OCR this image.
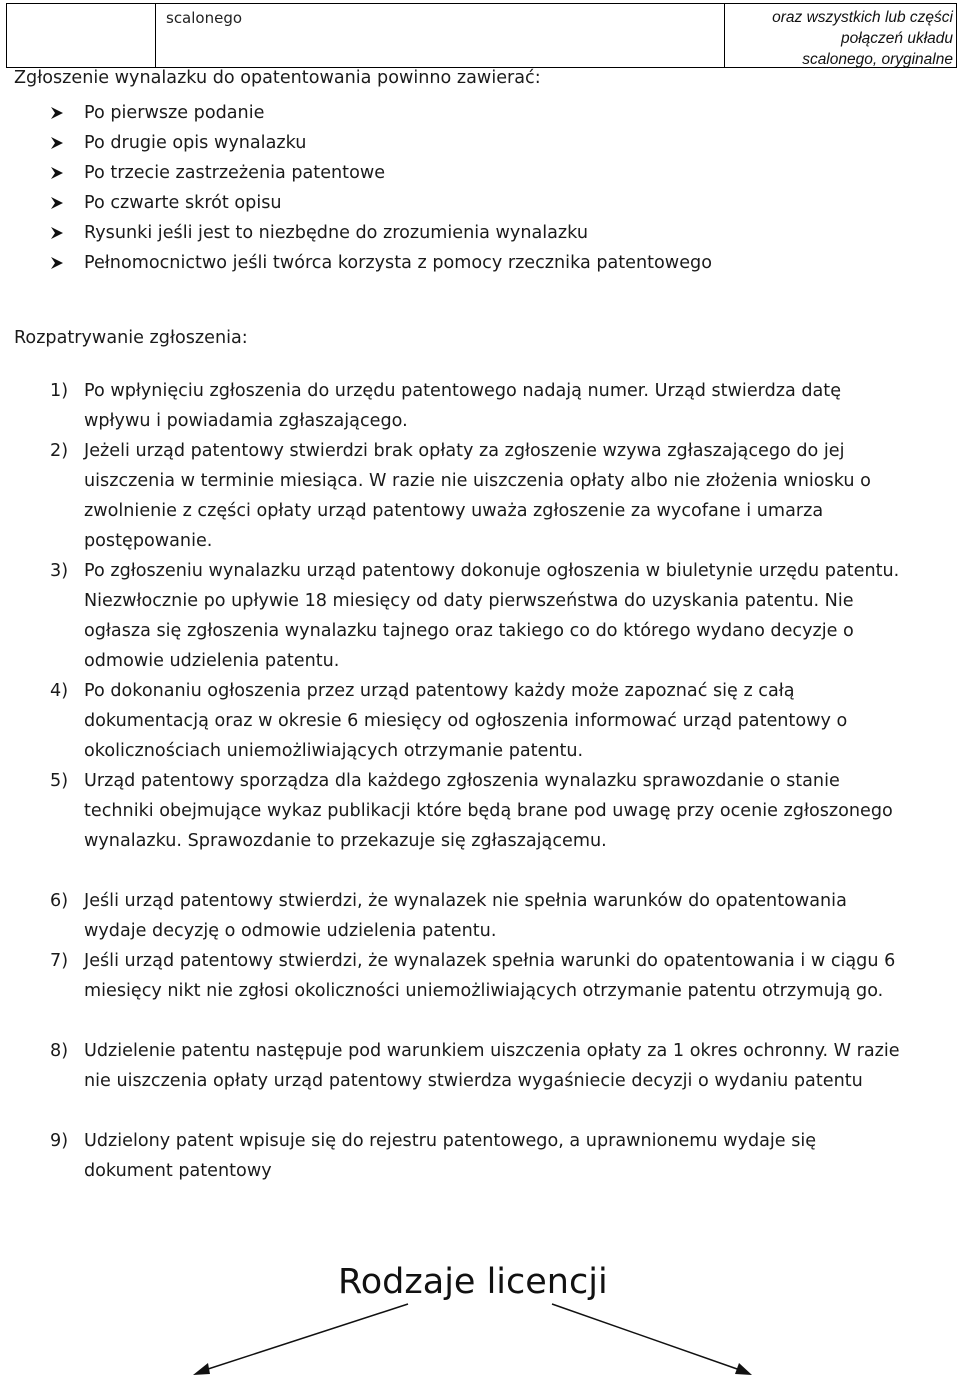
scalonego	oraz wszystkich lub części
połączeń układu
scalonego, oryginalne
Zgłoszenie wynalazku do opatentowania powinno zawierać:
Po pierwsze podanie
Po drugie opis wynalazku
Po trzecie zastrzeżenia patentowe
Po czwarte skrót opisu
Rysunki jeśli jest to niezbędne do zrozumienia wynalazku
Pełnomocnictwo jeśli twórca korzysta z pomocy rzecznika patentowego
Rozpatrywanie zgłoszenia:
1) Po wpłynięciu zgłoszenia do urzędu patentowego nadają numer. Urząd stwierdza datę wpływu i powiadamia zgłaszającego.
2) Jeżeli urząd patentowy stwierdzi brak opłaty za zgłoszenie wzywa zgłaszającego do jej uiszczenia w terminie miesiąca. W razie nie uiszczenia opłaty albo nie złożenia wniosku o zwolnienie z części opłaty urząd patentowy uważa zgłoszenie za wycofane i umarza postępowanie.
3) Po zgłoszeniu wynalazku urząd patentowy dokonuje ogłoszenia w biuletynie urzędu patentu. Niezwłocznie po upływie 18 miesięcy od daty pierwszeństwa do uzyskania patentu. Nie ogłasza się zgłoszenia wynalazku tajnego oraz takiego co do którego wydano decyzje o odmowie udzielenia patentu.
4) Po dokonaniu ogłoszenia przez urząd patentowy każdy może zapoznać się z całą dokumentacją oraz w okresie 6 miesięcy od ogłoszenia informować urząd patentowy o okolicznościach uniemożliwiających otrzymanie patentu.
5) Urząd patentowy sporządza dla każdego zgłoszenia wynalazku sprawozdanie o stanie techniki obejmujące wykaz publikacji które będą brane pod uwagę przy ocenie zgłoszonego wynalazku. Sprawozdanie to przekazuje się zgłaszającemu.
6) Jeśli urząd patentowy stwierdzi, że wynalazek nie spełnia warunków do opatentowania wydaje decyzję o odmowie udzielenia patentu.
7) Jeśli urząd patentowy stwierdzi, że wynalazek spełnia warunki do opatentowania i w ciągu 6 miesięcy nikt nie zgłosi okoliczności uniemożliwiających otrzymanie patentu otrzymują go.
8) Udzielenie patentu następuje pod warunkiem uiszczenia opłaty za 1 okres ochronny. W razie nie uiszczenia opłaty urząd patentowy stwierdza wygaśniecie decyzji o wydaniu patentu
9) Udzielony patent wpisuje się do rejestru patentowego, a uprawnionemu wydaje się dokument patentowy
Rodzaje licencji
